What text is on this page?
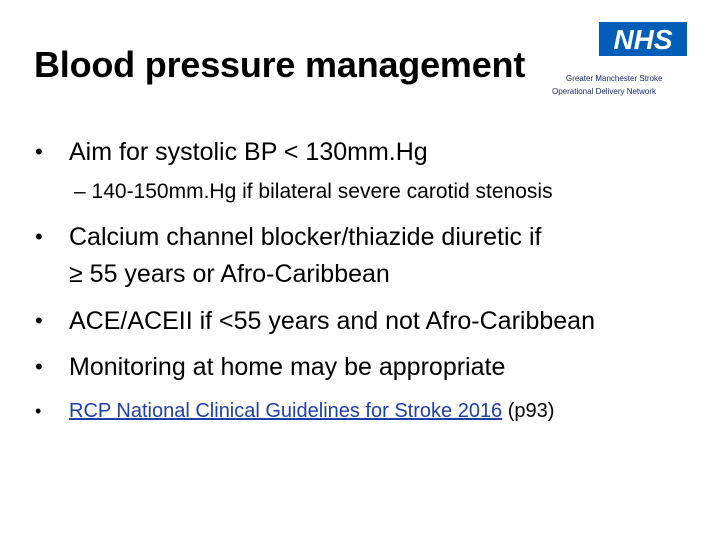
Blood pressure management
NHS
Greater Manchester Stroke
Operational Delivery Network
• Aim for systolic BP < 130mm.Hg
– 140-150mm.Hg if bilateral severe carotid stenosis
• Calcium channel blocker/thiazide diuretic if
≥ 55 years or Afro-Caribbean
• ACE/ACEII if <55 years and not Afro-Caribbean
• Monitoring at home may be appropriate
• RCP National Clinical Guidelines for Stroke 2016 (p93)
